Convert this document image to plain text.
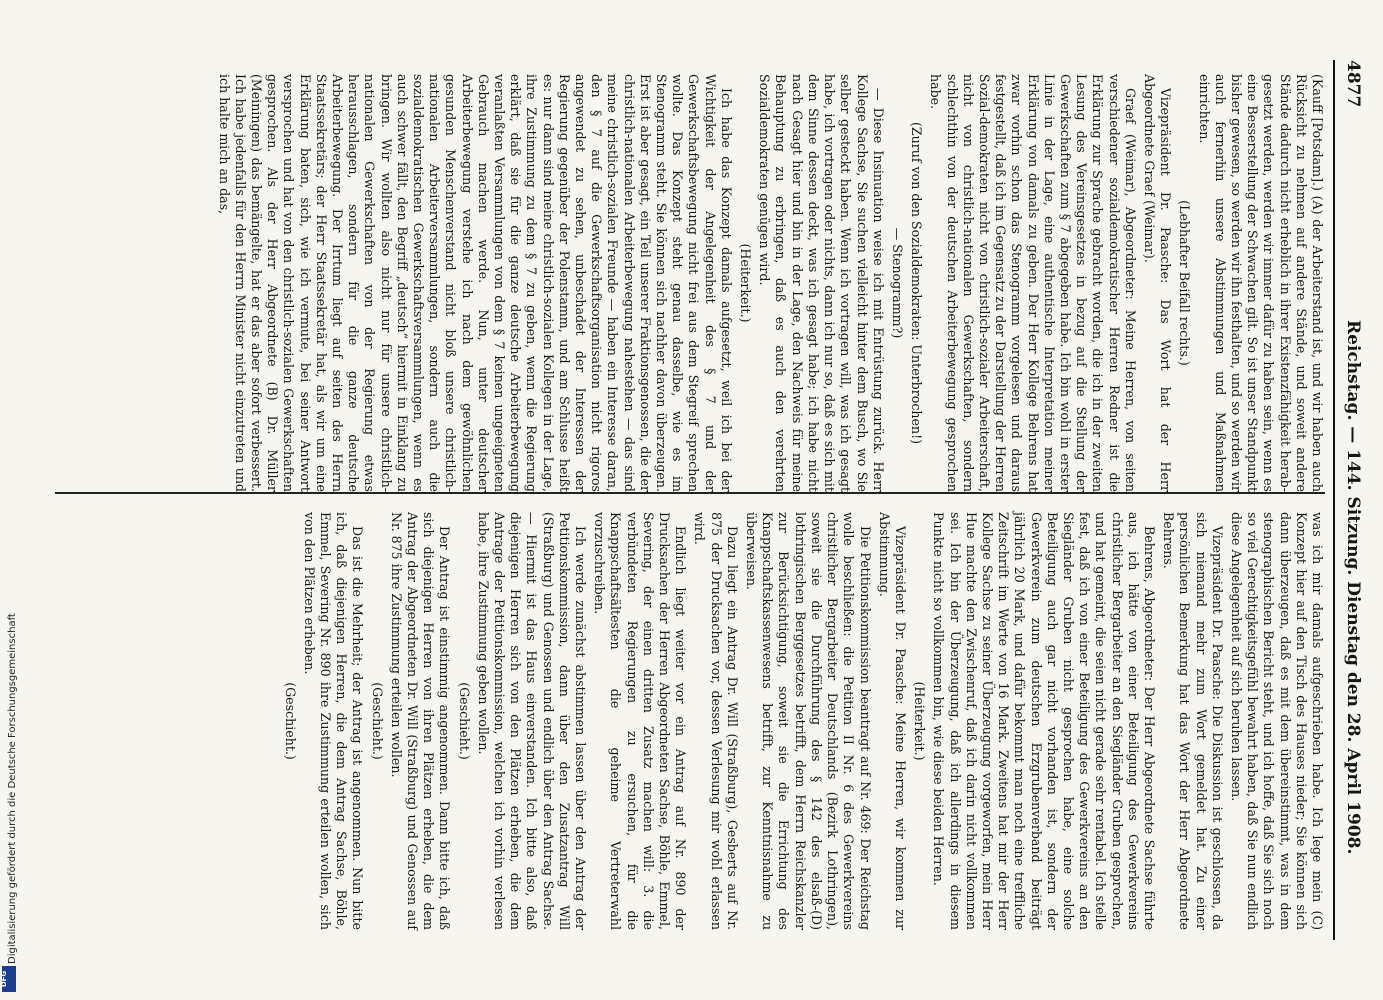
4877
Reichstag. — 144. Sitzung. Dienstag den 28. April 1908.

(Kauff [Potsdam].) (A) der Arbeiterstand ist, und wir haben auch Rücksicht zu nehmen auf andere Stände, und soweit andere Stände dadurch nicht erheblich in ihrer Existenzfähigkeit herab-gesetzt werden, werden wir immer dafür zu haben sein, wenn es eine Besserstellung der Schwachen gilt. So ist unser Standpunkt bisher gewesen, so werden wir ihn festhalten, und so werden wir auch fernerhin unsere Abstimmungen und Maßnahmen einrichten.

(Lebhafter Beifall rechts.)

Vizepräsident Dr. Paasche: Das Wort hat der Herr Abgeordnete Graef (Weimar).

Graef (Weimar), Abgeordneter: Meine Herren, von seiten verschiedener sozialdemokratischer Herren Redner ist die Erklärung zur Sprache gebracht worden, die ich in der zweiten Lesung des Vereinsgesetzes in bezug auf die Stellung der Gewerkschaften zum § 7 abgegeben habe. Ich bin wohl in erster Linie in der Lage, eine authentische Interpretation meiner Erklärung von damals zu geben. Der Herr Kollege Behrens hat zwar vorhin schon das Stenogramm vorgelesen und daraus festgestellt, daß ich im Gegensatz zu der Darstellung der Herren Sozial-demokraten nicht von christlich-sozialer Arbeiterschaft, nicht von christlich-nationalen Gewerkschaften, sondern schlechthin von der deutschen Arbeiterbewegung gesprochen habe.

(Zuruf von den Sozialdemokraten: Unterbrochen!)

— Stenogramm?)

— Diese Insinuation weise ich mit Entrüstung zurück. Herr Kollege Sachse, Sie suchen vielleicht hinter dem Busch, wo Sie selber gesteckt haben. Wenn ich vortragen will, was ich gesagt habe, ich vortragen oder nichts, dann ich nur so, daß es sich mit dem Sinne dessen deckt, was ich gesagt habe; ich habe nicht nach Gesagt hier und bin in der Lage, den Nachweis für meine Behauptung zu erbringen, daß es auch den verehrten Sozialdemokraten genügen wird.

(Heiterkeit.)

Ich habe das Konzept damals aufgesetzt, weil ich bei der Wichtigkeit der Angelegenheit des § 7 und der Gewerkschaftsbewegung nicht frei aus dem Stegreif sprechen wollte. Das Konzept steht genau dasselbe, wie es im Stenogramm steht. Sie können sich nachher davon überzeugen. Erst ist aber gesagt, ein Teil unserer Fraktionsgenossen, die der christlich-nationalen Arbeiterbewegung nahestehen — das sind meine christlich-sozialen Freunde — haben ein Interesse daran, den § 7 auf die Gewerkschaftsorganisation nicht rigoros angewendet zu sehen, unbeschadet der Interessen der Regierung gegenüber der Polenstamm, und am Schlusse heißt es: nur dann sind meine christlich-sozialen Kollegen in der Lage, ihre Zustimmung zu dem § 7 zu geben, wenn die Regierung erklärt, daß sie für die ganze deutsche Arbeiterbewegung veranlaßten Versammlungen von dem § 7 keinen ungeeigneten Gebrauch machen werde. Nun, unter deutscher Arbeiterbewegung verstehe ich nach dem gewöhnlichen gesunden Menschenverstand nicht bloß unsere christlich-nationalen Arbeiterversammlungen, sondern auch die sozialdemokratischen Gewerkschaftsversammlungen, wenn es auch schwer fällt, den Begriff „deutsch“ hiermit in Einklang zu bringen. Wir wollten also nicht nur für unsere christlich-nationalen Gewerkschaften von der Regierung etwas herausschlagen, sondern für die ganze deutsche Arbeiterbewegung. Der Irrtum liegt auf seiten des Herrn Staatssekretärs; der Herr Staatssekretär hat, als wir um eine Erklärung baten, sich, wie ich vermute, bei seiner Antwort versprochen und hat von den christlich-sozialen Gewerkschaften gesprochen. Als der Herr Abgeordnete (B) Dr. Müller (Meiningen) das bemängelte, hat er das aber sofort verbessert. Ich habe jedenfalls für den Herrn Minister nicht einzutreten und ich halte mich an das,

was ich mir damals aufgeschrieben habe. Ich lege mein (C) Konzept hier auf den Tisch des Hauses nieder; Sie können sich dann überzeugen, daß es mit dem übereinstimmt, was in dem stenographischen Bericht steht, und ich hoffe, daß Sie sich noch so viel Gerechtigkeitsgefühl bewahrt haben, daß Sie nun endlich diese Angelegenheit auf sich beruhen lassen.

Vizepräsident Dr. Paasche: Die Diskussion ist geschlossen, da sich niemand mehr zum Wort gemeldet hat. Zu einer persönlichen Bemerkung hat das Wort der Herr Abgeordnete Behrens.

Behrens, Abgeordneter: Der Herr Abgeordnete Sachse führte aus, ich hätte von einer Beteiligung des Gewerkvereins christlicher Bergarbeiter an den Siegländer Gruben gesprochen, und hat gemeint, die seien nicht gerade sehr rentabel. Ich stelle fest, daß ich von einer Beteiligung des Gewerkvereins an den Siegländer Gruben nicht gesprochen habe, eine solche Beteiligung auch gar nicht vorhanden ist, sondern der Gewerkverein zum deutschen Erzgrubenverband beiträgt jährlich 20 Mark, und dafür bekommt man noch eine treffliche Zeitschrift im Werte von 16 Mark. Zweitens hat mir der Herr Kollege Sachse zu seiner Überzeugung vorgeworfen, mein Herr Hue machte den Zwischenruf, daß ich darin nicht vollkommen sei. Ich bin der Überzeugung, daß ich allerdings in diesem Punkte nicht so vollkommen bin, wie diese beiden Herren.

(Heiterkeit.)

Vizepräsident Dr. Paasche: Meine Herren, wir kommen zur Abstimmung.

Die Petitionskommission beantragt auf Nr. 469: Der Reichstag wolle beschließen: die Petition II Nr. 6 des Gewerkvereins christlicher Bergarbeiter Deutschlands (Bezirk Lothringen), soweit sie die Durchführung des § 142 des elsaß-(D) lothringischen Berggesetzes betrifft, dem Herrn Reichskanzler zur Berücksichtigung, soweit sie die Errichtung des Knappschaftskassenwesens betrifft, zur Kenntnisnahme zu überweisen.

Dazu liegt ein Antrag Dr. Will (Straßburg), Gesberts auf Nr. 875 der Drucksachen vor, dessen Verlesung mir wohl erlassen wird.

Endlich liegt weiter vor ein Antrag auf Nr. 890 der Drucksachen der Herren Abgeordneten Sachse, Böhle, Emmel, Severing, der einen dritten Zusatz machen will: 3. die verbündeten Regierungen zu ersuchen, für die Knappschaftsältesten die geheime Vertreterwahl vorzuschreiben.

Ich werde zunächst abstimmen lassen über den Antrag der Petitionskommission, dann über den Zusatzantrag Will (Straßburg) und Genossen und endlich über den Antrag Sachse. — Hiermit ist das Haus einverstanden. Ich bitte also, daß diejenigen Herren sich von den Plätzen erheben, die dem Antrage der Petitionskommission, welchen ich vorhin verlesen habe, ihre Zustimmung geben wollen.

(Geschieht.)

Der Antrag ist einstimmig angenommen. Dann bitte ich, daß sich diejenigen Herren von ihren Plätzen erheben, die dem Antrag der Abgeordneten Dr. Will (Straßburg) und Genossen auf Nr. 875 ihre Zustimmung erteilen wollen.

(Geschieht.)

Das ist die Mehrheit; der Antrag ist angenommen. Nun bitte ich, daß diejenigen Herren, die dem Antrag Sachse, Böhle, Emmel, Severing Nr. 890 ihre Zustimmung erteilen wollen, sich von den Plätzen erheben.

(Geschieht.)

Digitalisierung gefördert durch die Deutsche Forschungsgemeinschaft
DFG
